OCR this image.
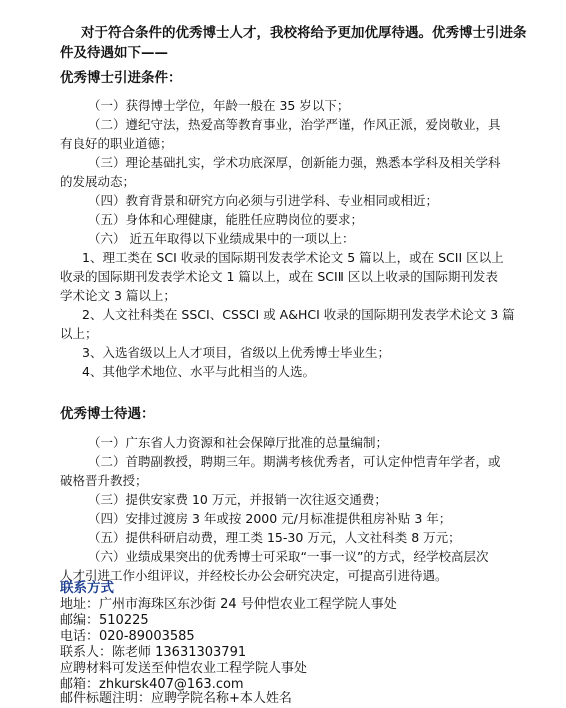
对于符合条件的优秀博士人才，我校将给予更加优厚待遇。优秀博士引进条
件及待遇如下——
优秀博士引进条件：
（一）获得博士学位，年龄一般在 35 岁以下；
（二）遵纪守法，热爱高等教育事业，治学严谨，作风正派，爱岗敬业，具
有良好的职业道德；
（三）理论基础扎实，学术功底深厚，创新能力强，熟悉本学科及相关学科
的发展动态；
（四）教育背景和研究方向必须与引进学科、专业相同或相近；
（五）身体和心理健康，能胜任应聘岗位的要求；
（六） 近五年取得以下业绩成果中的一项以上：
1、理工类在 SCI 收录的国际期刊发表学术论文 5 篇以上，或在 SCIⅠ 区以上
收录的国际期刊发表学术论文 1 篇以上，或在 SCIⅡ 区以上收录的国际期刊发表
学术论文 3 篇以上；
2、人文社科类在 SSCI、CSSCI 或 A&HCI 收录的国际期刊发表学术论文 3 篇
以上；
3、入选省级以上人才项目，省级以上优秀博士毕业生；
4、其他学术地位、水平与此相当的人选。
优秀博士待遇：
（一）广东省人力资源和社会保障厅批准的总量编制；
（二）首聘副教授，聘期三年。期满考核优秀者，可认定仲恺青年学者，或
破格晋升教授；
（三）提供安家费 10 万元，并报销一次往返交通费；
（四）安排过渡房 3 年或按 2000 元/月标准提供租房补贴 3 年；
（五）提供科研启动费，理工类 15-30 万元，人文社科类 8 万元；
（六）业绩成果突出的优秀博士可采取“一事一议”的方式，经学校高层次
人才引进工作小组评议，并经校长办公会研究决定，可提高引进待遇。
联系方式
地址：广州市海珠区东沙街 24 号仲恺农业工程学院人事处
邮编：510225
电话：020-89003585
联系人：陈老师 13631303791
应聘材料可发送至仲恺农业工程学院人事处
邮箱：zhkursk407@163.com
邮件标题注明：应聘学院名称+本人姓名
